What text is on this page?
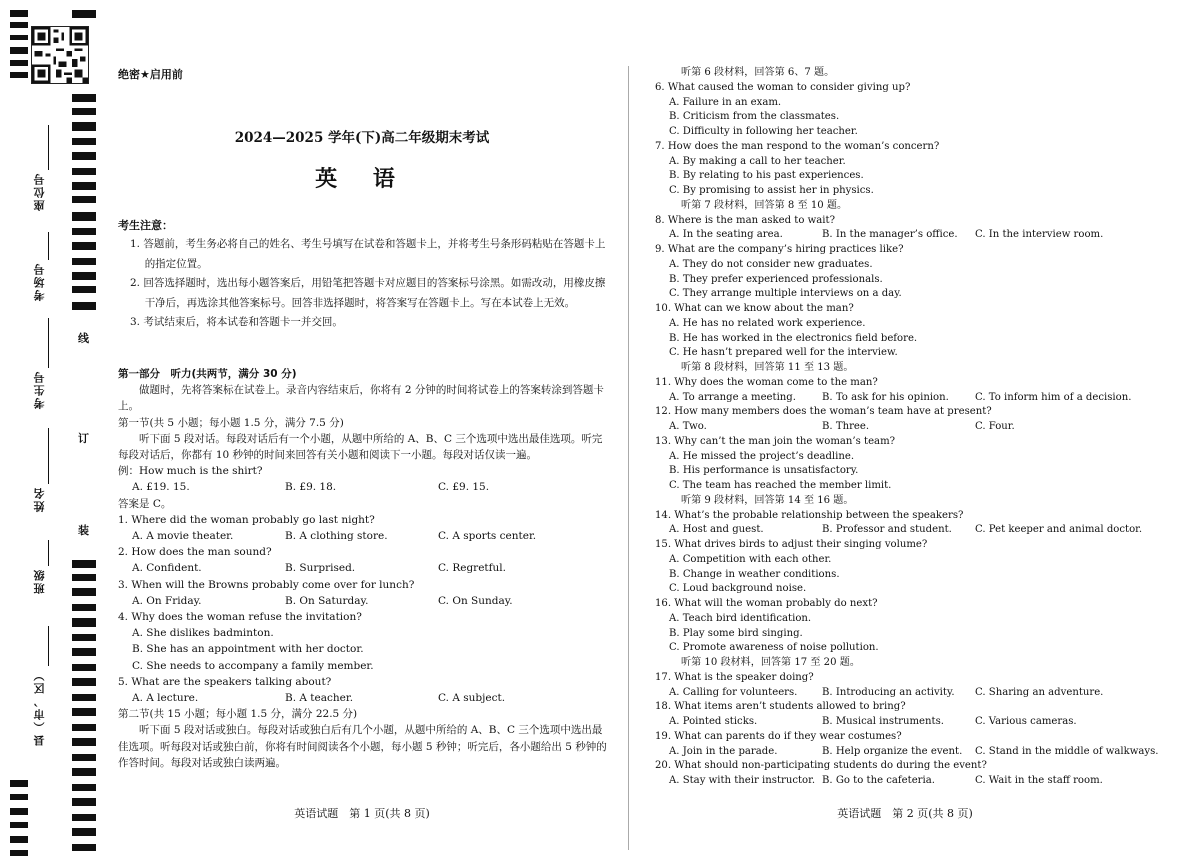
座位号
考场号
考生号
姓名
班级
县（市、区）
线
订
装
绝密★启用前
2024—2025 学年(下)高二年级期末考试
英 语
考生注意：

1. 答题前，考生务必将自己的姓名、考生号填写在试卷和答题卡上，并将考生号条形码粘贴在答题卡上的指定位置。

2. 回答选择题时，选出每小题答案后，用铅笔把答题卡对应题目的答案标号涂黑。如需改动，用橡皮擦干净后，再选涂其他答案标号。回答非选择题时，将答案写在答题卡上。写在本试卷上无效。

3. 考试结束后，将本试卷和答题卡一并交回。

第一部分　听力(共两节，满分 30 分)
做题时，先将答案标在试卷上。录音内容结束后，你将有 2 分钟的时间将试卷上的答案转涂到答题卡上。
第一节(共 5 小题；每小题 1.5 分，满分 7.5 分)
听下面 5 段对话。每段对话后有一个小题，从题中所给的 A、B、C 三个选项中选出最佳选项。听完每段对话后，你都有 10 秒钟的时间来回答有关小题和阅读下一小题。每段对话仅读一遍。
例：How much is the shirt?
A. £19. 15.	B. £9. 18.	C. £9. 15.
答案是 C。
1. Where did the woman probably go last night?
A. A movie theater.	B. A clothing store.	C. A sports center.
2. How does the man sound?
A. Confident.	B. Surprised.	C. Regretful.
3. When will the Browns probably come over for lunch?
A. On Friday.	B. On Saturday.	C. On Sunday.
4. Why does the woman refuse the invitation?
A. She dislikes badminton.
B. She has an appointment with her doctor.
C. She needs to accompany a family member.
5. What are the speakers talking about?
A. A lecture.	B. A teacher.	C. A subject.
第二节(共 15 小题；每小题 1.5 分，满分 22.5 分)
听下面 5 段对话或独白。每段对话或独白后有几个小题，从题中所给的 A、B、C 三个选项中选出最佳选项。听每段对话或独白前，你将有时间阅读各个小题，每小题 5 秒钟；听完后，各小题给出 5 秒钟的作答时间。每段对话或独白读两遍。
英语试题　第 1 页(共 8 页)
听第 6 段材料，回答第 6、7 题。
6. What caused the woman to consider giving up?
A. Failure in an exam.
B. Criticism from the classmates.
C. Difficulty in following her teacher.
7. How does the man respond to the woman’s concern?
A. By making a call to her teacher.
B. By relating to his past experiences.
C. By promising to assist her in physics.
听第 7 段材料，回答第 8 至 10 题。
8. Where is the man asked to wait?
A. In the seating area.	B. In the manager’s office.	C. In the interview room.
9. What are the company’s hiring practices like?
A. They do not consider new graduates.
B. They prefer experienced professionals.
C. They arrange multiple interviews on a day.
10. What can we know about the man?
A. He has no related work experience.
B. He has worked in the electronics field before.
C. He hasn’t prepared well for the interview.
听第 8 段材料，回答第 11 至 13 题。
11. Why does the woman come to the man?
A. To arrange a meeting.	B. To ask for his opinion.	C. To inform him of a decision.
12. How many members does the woman’s team have at present?
A. Two.	B. Three.	C. Four.
13. Why can’t the man join the woman’s team?
A. He missed the project’s deadline.
B. His performance is unsatisfactory.
C. The team has reached the member limit.
听第 9 段材料，回答第 14 至 16 题。
14. What’s the probable relationship between the speakers?
A. Host and guest.	B. Professor and student.	C. Pet keeper and animal doctor.
15. What drives birds to adjust their singing volume?
A. Competition with each other.
B. Change in weather conditions.
C. Loud background noise.
16. What will the woman probably do next?
A. Teach bird identification.
B. Play some bird singing.
C. Promote awareness of noise pollution.
听第 10 段材料，回答第 17 至 20 题。
17. What is the speaker doing?
A. Calling for volunteers.	B. Introducing an activity.	C. Sharing an adventure.
18. What items aren’t students allowed to bring?
A. Pointed sticks.	B. Musical instruments.	C. Various cameras.
19. What can parents do if they wear costumes?
A. Join in the parade.	B. Help organize the event.	C. Stand in the middle of walkways.
20. What should non-participating students do during the event?
A. Stay with their instructor. B. Go to the cafeteria.	C. Wait in the staff room.
英语试题　第 2 页(共 8 页)
